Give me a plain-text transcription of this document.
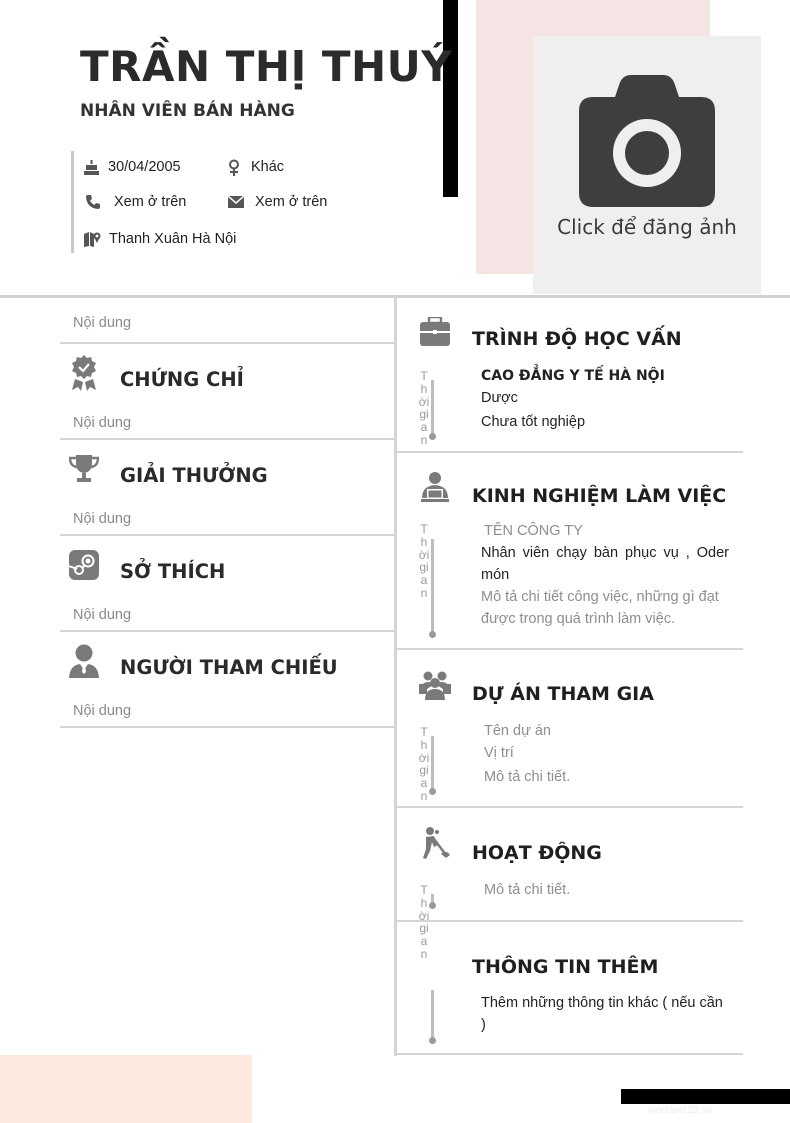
Click để đăng ảnh
vieclam123.vn
TRẦN THỊ THUÝ
NHÂN VIÊN BÁN HÀNG
30/04/2005	Khác
Xem ở trên	Xem ở trên
Thanh Xuân Hà Nội
Nội dung
CHỨNG CHỈ
Nội dung
GIẢI THƯỞNG
Nội dung
SỞ THÍCH
Nội dung
NGƯỜI THAM CHIẾU
Nội dung
TRÌNH ĐỘ HỌC VẤN
Thời gian
CAO ĐẲNG Y TẾ HÀ NỘI
Dược
Chưa tốt nghiệp
KINH NGHIỆM LÀM VIỆC
Thời gian
TÊN CÔNG TY
Nhân viên chạy bàn phục vụ , Oder món
Mô tả chi tiết công việc, những gì đạt được trong quá trình làm việc.
DỰ ÁN THAM GIA
Thời gian
Tên dự án
Vị trí
Mô tả chi tiết.
HOẠT ĐỘNG
Thời gian
Mô tả chi tiết.
THÔNG TIN THÊM
Thêm những thông tin khác ( nếu cần )
